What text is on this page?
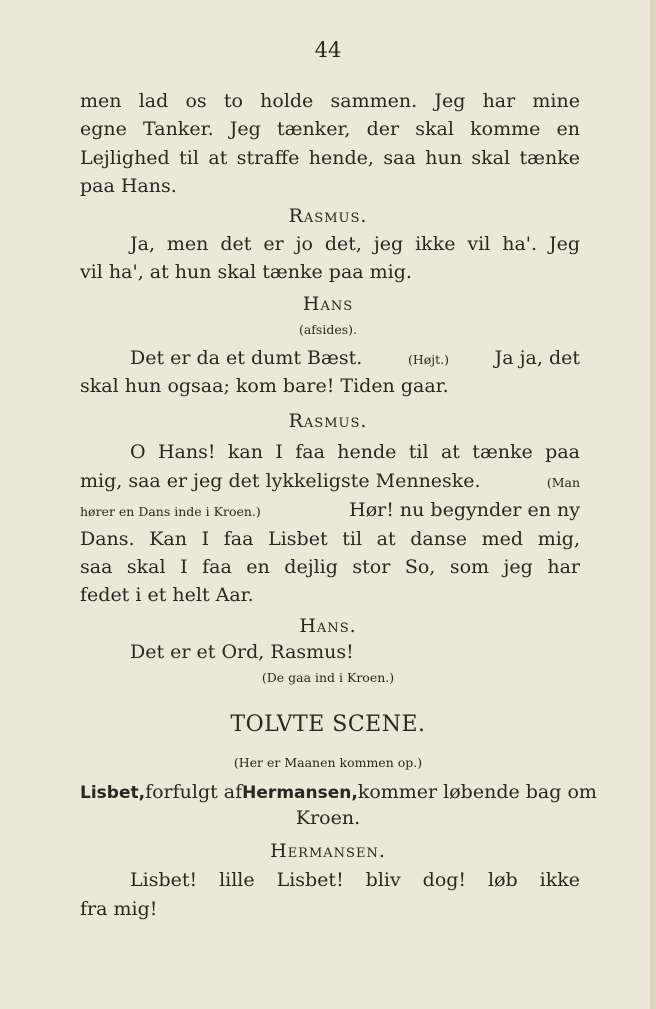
44
men lad os to holde sammen. Jeg har mine
egne Tanker. Jeg tænker, der skal komme en
Lejlighed til at straffe hende, saa hun skal tænke
paa Hans.
Rasmus.
Ja, men det er jo det, jeg ikke vil ha'. Jeg
vil ha', at hun skal tænke paa mig.
Hans
(afsides).
Det er da et dumt Bæst.	(Højt.) Ja ja, det
skal hun ogsaa; kom bare! Tiden gaar.
Rasmus.
O Hans! kan I faa hende til at tænke paa
mig, saa er jeg det lykkeligste Menneske.	(Man
hører en Dans inde i Kroen.)	Hør! nu begynder en ny
Dans. Kan I faa Lisbet til at danse med mig,
saa skal I faa en dejlig stor So, som jeg har
fedet i et helt Aar.
Hans.
Det er et Ord, Rasmus!
(De gaa ind i Kroen.)
TOLVTE SCENE.
(Her er Maanen kommen op.)
Lisbet, forfulgt af Hermansen, kommer løbende bag om
Kroen.
Hermansen.
Lisbet! lille Lisbet! bliv dog! løb ikke
fra mig!
